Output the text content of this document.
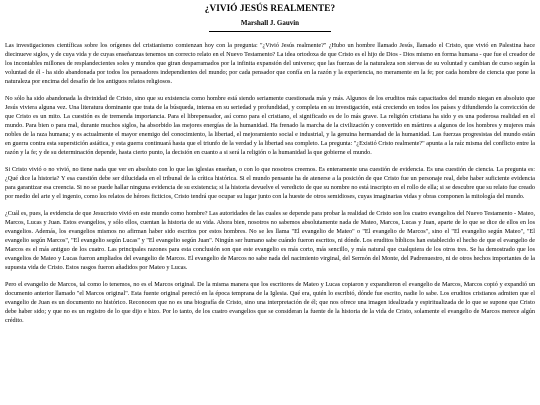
¿VIVIÓ JESÚS REALMENTE?
Marshall J. Gauvin

Las investigaciones científicas sobre los orígenes del cristianismo comienzan hoy con la pregunta: "¿Vivió Jesús realmente?" ¿Hubo un hombre llamado Jesús, llamado el Cristo, que vivió en Palestina hace diecinueve siglos, y de cuya vida y de cuyas enseñanzas tenemos un correcto relato en el Nuevo Testamento? La idea ortodoxa de que Cristo es el hijo de Dios - Dios mismo en forma humana - que fue el creador de los incontables millones de resplandecientes soles y mundos que giran desparramados por la infinita expansión del universo; que las fuerzas de la naturaleza son siervas de su voluntad y cambian de curso según la voluntad de él - ha sido abandonada por todos los pensadores independientes del mundo; por cada pensador que confía en la razón y la experiencia, no meramente en la fe; por cada hombre de ciencia que pone la naturaleza por encima del desafío de los antiguos relatos religiosos.

No sólo ha sido abandonada la divinidad de Cristo, sino que su existencia como hombre está siendo seriamente cuestionada más y más. Algunos de los eruditos más capacitados del mundo niegan en absoluto que Jesús viviera alguna vez. Una literatura dominante que trata de la búsqueda, intensa en su seriedad y profundidad, y completa en su investigación, está creciendo en todos los países y difundiendo la convicción de que Cristo es un mito. La cuestión es de tremenda importancia. Para el librepensador, así como para el cristiano, el significado es de lo más grave. La religión cristiana ha sido y es una poderosa realidad en el mundo. Para bien o para mal, durante muchos siglos, ha absorbido las mejores energías de la humanidad. Ha frenado la marcha de la civilización y convertido en mártires a algunos de los hombres y mujeres más nobles de la raza humana; y es actualmente el mayor enemigo del conocimiento, la libertad, el mejoramiento social e industrial, y la genuina hermandad de la humanidad. Las fuerzas progresistas del mundo están en guerra contra esta superstición asiática, y esta guerra continuará hasta que el triunfo de la verdad y la libertad sea completo. La pregunta: "¿Existió Cristo realmente?" apunta a la raíz misma del conflicto entre la razón y la fe; y de su determinación depende, hasta cierto punto, la decisión en cuanto a si será la religión o la humanidad la que gobierne el mundo.

Si Cristo vivió o no vivió, no tiene nada que ver en absoluto con lo que las iglesias enseñan, o con lo que nosotros creemos. Es enteramente una cuestión de evidencia. Es una cuestión de ciencia. La pregunta es: ¿Qué dice la historia? Y esa cuestión debe ser dilucidada en el tribunal de la crítica histórica. Si el mundo pensante ha de atenerse a la posición de que Cristo fue un personaje real, debe haber suficiente evidencia para garantizar esa creencia. Si no se puede hallar ninguna evidencia de su existencia; si la historia devuelve el veredicto de que su nombre no está inscripto en el rollo de ella; si se descubre que su relato fue creado por medio del arte y el ingenio, como los relatos de héroes ficticios, Cristo tendrá que ocupar su lugar junto con la hueste de otros semidioses, cuyas imaginarias vidas y obras componen la mitología del mundo.

¿Cuál es, pues, la evidencia de que Jesucristo vivió en este mundo como hombre? Las autoridades de las cuales se depende para probar la realidad de Cristo son los cuatro evangelios del Nuevo Testamento - Mateo, Marcos, Lucas y Juan. Estos evangelios, y sólo ellos, cuentan la historia de su vida. Ahora bien, nosotros no sabemos absolutamente nada de Mateo, Marcos, Lucas y Juan, aparte de lo que se dice de ellos en los evangelios. Además, los evangelios mismos no afirman haber sido escritos por estos hombres. No se les llama "El evangelio de Mateo" o "El evangelio de Marcos", sino el "El evangelio según Mateo", "El evangelio según Marcos", "El evangelio según Lucas" y "El evangelio según Juan". Ningún ser humano sabe cuándo fueron escritos, ni dónde. Los eruditos bíblicos han establecido el hecho de que el evangelio de Marcos es el más antiguo de los cuatro. Las principales razones para esta conclusión son que este evangelio es más corto, más sencillo, y más natural que cualquiera de los otros tres. Se ha demostrado que los evangelios de Mateo y Lucas fueron ampliados del evangelio de Marcos. El evangelio de Marcos no sabe nada del nacimiento virginal, del Sermón del Monte, del Padrenuestro, ni de otros hechos importantes de la supuesta vida de Cristo. Estos rasgos fueron añadidos por Mateo y Lucas.

Pero el evangelio de Marcos, tal como lo tenemos, no es el Marcos original. De la misma manera que los escritores de Mateo y Lucas copiaron y expandieron el evangelio de Marcos, Marcos copió y expandió un documento anterior llamado "el Marcos original". Esta fuente original pereció en la época temprana de la Iglesia. Qué era, quién lo escribió, dónde fue escrito, nadie lo sabe. Los eruditos cristianos admiten que el evangelio de Juan es un documento no histórico. Reconocen que no es una biografía de Cristo, sino una interpretación de él; que nos ofrece una imagen idealizada y espiritualizada de lo que se supone que Cristo debe haber sido; y que no es un registro de lo que dijo e hizo. Por lo tanto, de los cuatro evangelios que se consideran la fuente de la historia de la vida de Cristo, solamente el evangelio de Marcos merece algún crédito.
